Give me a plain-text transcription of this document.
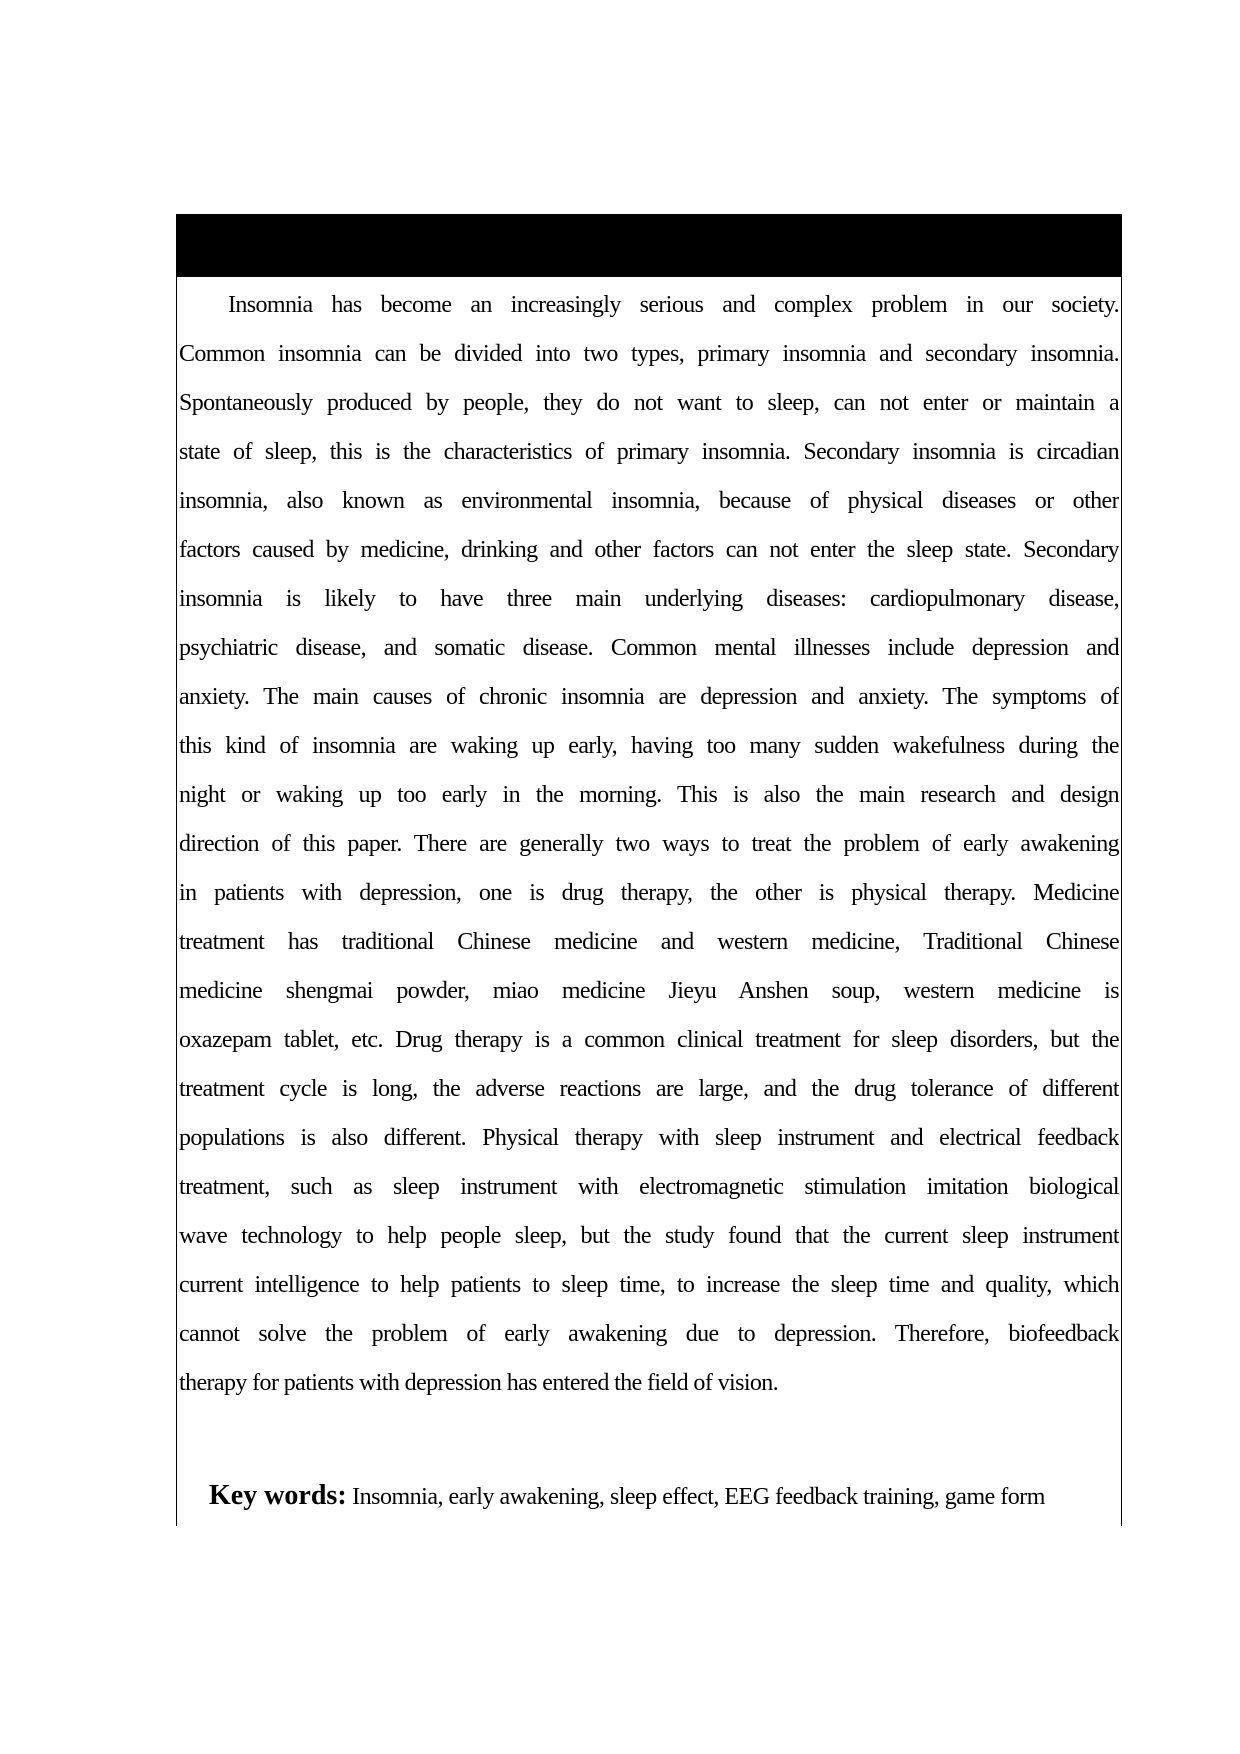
Insomnia has become an increasingly serious and complex problem in our society.
Common insomnia can be divided into two types, primary insomnia and secondary insomnia.
Spontaneously produced by people, they do not want to sleep, can not enter or maintain a
state of sleep, this is the characteristics of primary insomnia. Secondary insomnia is circadian
insomnia, also known as environmental insomnia, because of physical diseases or other
factors caused by medicine, drinking and other factors can not enter the sleep state. Secondary
insomnia is likely to have three main underlying diseases: cardiopulmonary disease,
psychiatric disease, and somatic disease. Common mental illnesses include depression and
anxiety. The main causes of chronic insomnia are depression and anxiety. The symptoms of
this kind of insomnia are waking up early, having too many sudden wakefulness during the
night or waking up too early in the morning. This is also the main research and design
direction of this paper. There are generally two ways to treat the problem of early awakening
in patients with depression, one is drug therapy, the other is physical therapy. Medicine
treatment has traditional Chinese medicine and western medicine, Traditional Chinese
medicine shengmai powder, miao medicine Jieyu Anshen soup, western medicine is
oxazepam tablet, etc. Drug therapy is a common clinical treatment for sleep disorders, but the
treatment cycle is long, the adverse reactions are large, and the drug tolerance of different
populations is also different. Physical therapy with sleep instrument and electrical feedback
treatment, such as sleep instrument with electromagnetic stimulation imitation biological
wave technology to help people sleep, but the study found that the current sleep instrument
current intelligence to help patients to sleep time, to increase the sleep time and quality, which
cannot solve the problem of early awakening due to depression. Therefore, biofeedback
therapy for patients with depression has entered the field of vision.
Key words: Insomnia, early awakening, sleep effect, EEG feedback training, game form
